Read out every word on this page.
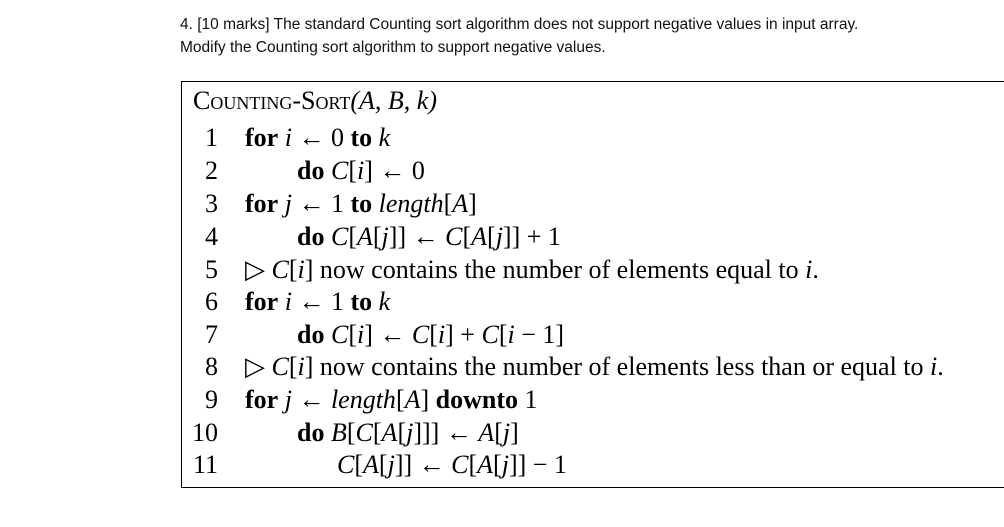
4. [10 marks] The standard Counting sort algorithm does not support negative values in input array.
Modify the Counting sort algorithm to support negative values.
Counting-Sort(A, B, k)
1 for i ← 0 to k
2	do C[i] ← 0
3 for j ← 1 to length[A]
4	do C[A[j]] ← C[A[j]] + 1
5 ▷ C[i] now contains the number of elements equal to i.
6 for i ← 1 to k
7	do C[i] ← C[i] + C[i − 1]
8 ▷ C[i] now contains the number of elements less than or equal to i.
9 for j ← length[A] downto 1
10	do B[C[A[j]]] ← A[j]
11	C[A[j]] ← C[A[j]] − 1
